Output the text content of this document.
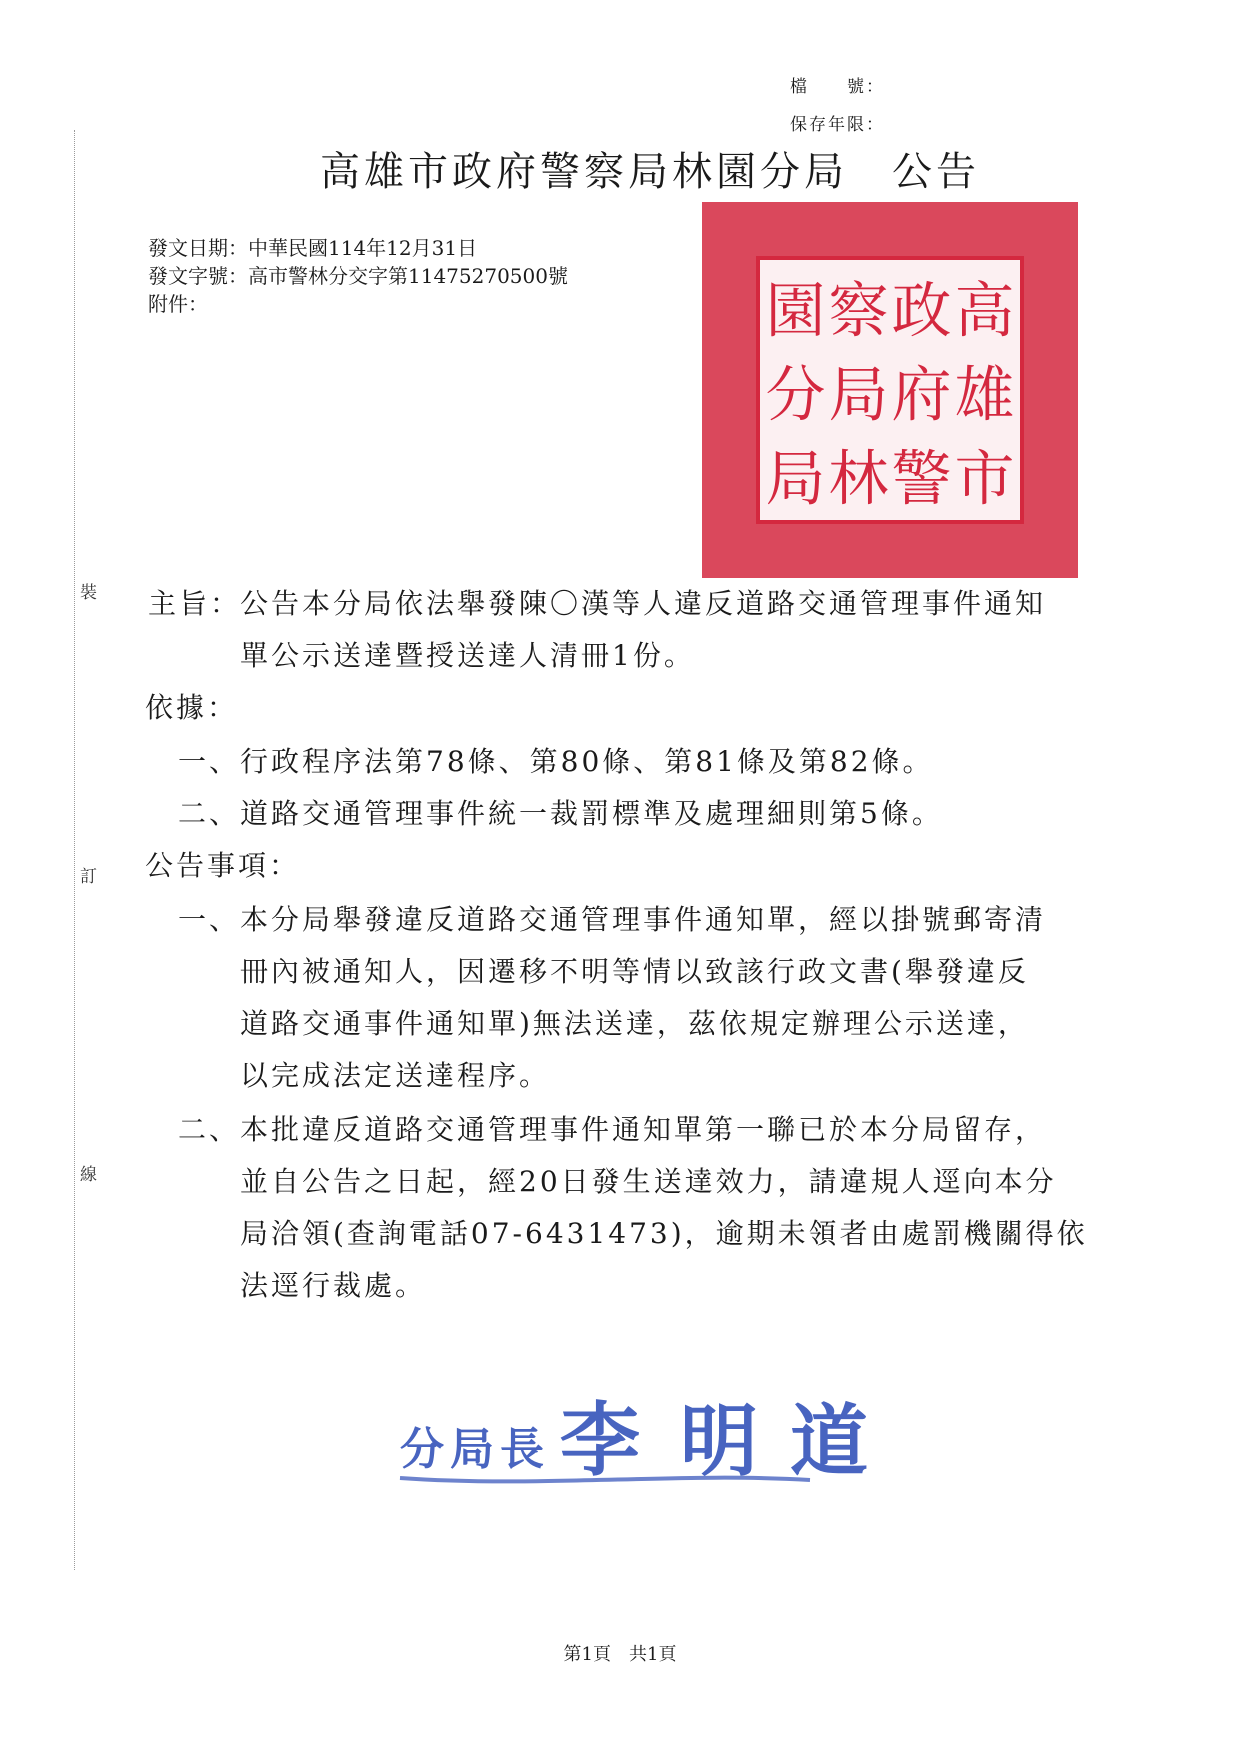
裝
訂
線
檔　　號：
保存年限：
高雄市政府警察局林園分局 公告
高
雄
市
政
府
警
察
局
林
園
分
局
發文日期：中華民國114年12月31日
發文字號：高市警林分交字第11475270500號
附件：
主旨：
公告本分局依法舉發陳〇漢等人違反道路交通管理事件通知
單公示送達暨授送達人清冊1份。
依據：
一、行政程序法第78條、第80條、第81條及第82條。
二、道路交通管理事件統一裁罰標準及處理細則第5條。
公告事項：
一、 本分局舉發違反道路交通管理事件通知單，經以掛號郵寄清
冊內被通知人，因遷移不明等情以致該行政文書(舉發違反
道路交通事件通知單)無法送達，茲依規定辦理公示送達，
以完成法定送達程序。
二、 本批違反道路交通管理事件通知單第一聯已於本分局留存，
並自公告之日起，經20日發生送達效力，請違規人逕向本分
局洽領(查詢電話07-6431473)，逾期未領者由處罰機關得依
法逕行裁處。
分 局 長 李 明 道
第1頁　共1頁
